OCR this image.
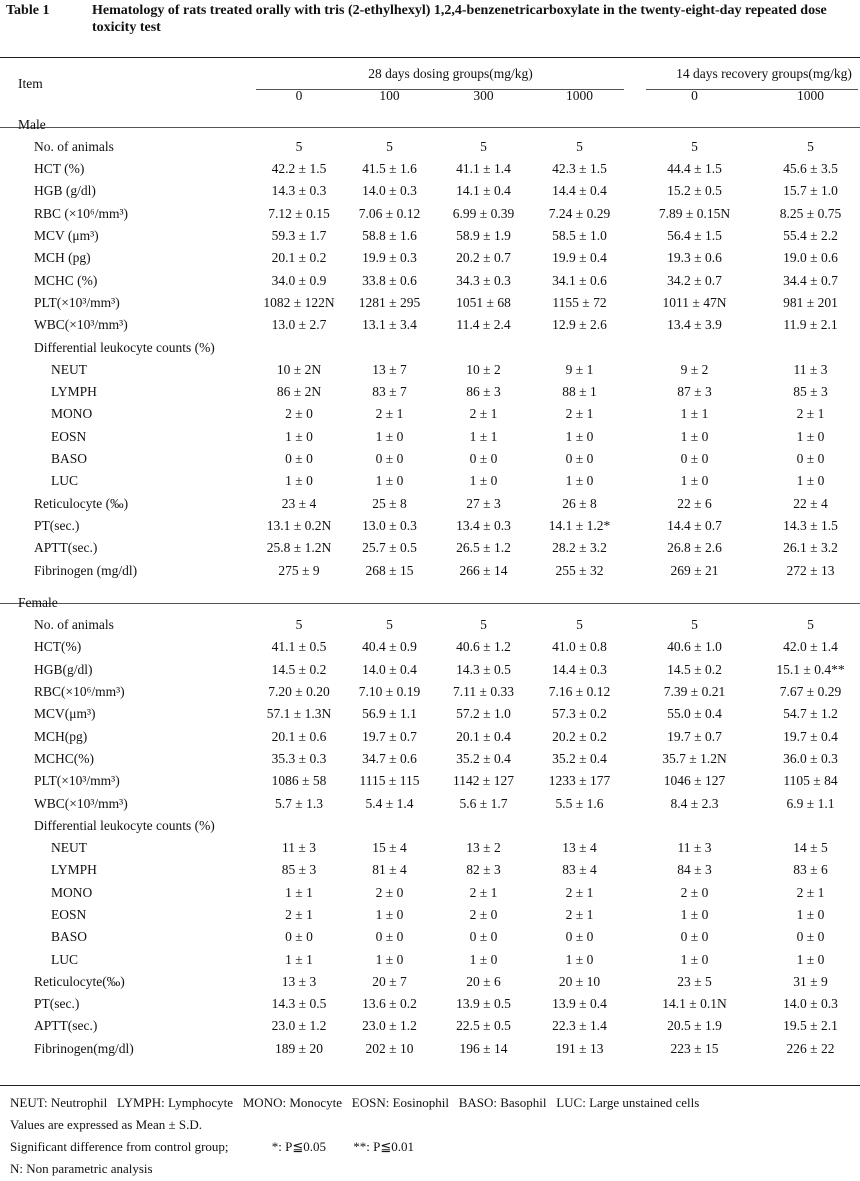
Table 1	Hematology of rats treated orally with tris (2-ethylhexyl) 1,2,4-benzenetricarboxylate in the twenty-eight-day repeated dose toxicity test
Item	28 days dosing groups(mg/kg)				14 days recovery groups(mg/kg)	
	0	100	300	1000	0	1000
Male						
No. of animals	5	5	5	5	5	5
HCT (%)	42.2 ± 1.5	41.5 ± 1.6	41.1 ± 1.4	42.3 ± 1.5	44.4 ± 1.5	45.6 ± 3.5
HGB (g/dl)	14.3 ± 0.3	14.0 ± 0.3	14.1 ± 0.4	14.4 ± 0.4	15.2 ± 0.5	15.7 ± 1.0
RBC (×10⁶/mm³)	7.12 ± 0.15	7.06 ± 0.12	6.99 ± 0.39	7.24 ± 0.29	7.89 ± 0.15N	8.25 ± 0.75
MCV (μm³)	59.3 ± 1.7	58.8 ± 1.6	58.9 ± 1.9	58.5 ± 1.0	56.4 ± 1.5	55.4 ± 2.2
MCH (pg)	20.1 ± 0.2	19.9 ± 0.3	20.2 ± 0.7	19.9 ± 0.4	19.3 ± 0.6	19.0 ± 0.6
MCHC (%)	34.0 ± 0.9	33.8 ± 0.6	34.3 ± 0.3	34.1 ± 0.6	34.2 ± 0.7	34.4 ± 0.7
PLT(×10³/mm³)	1082 ± 122N	1281 ± 295	1051 ± 68	1155 ± 72	1011 ± 47N	981 ± 201
WBC(×10³/mm³)	13.0 ± 2.7	13.1 ± 3.4	11.4 ± 2.4	12.9 ± 2.6	13.4 ± 3.9	11.9 ± 2.1
Differential leukocyte counts (%)						
NEUT	10 ± 2N	13 ± 7	10 ± 2	9 ± 1	9 ± 2	11 ± 3
LYMPH	86 ± 2N	83 ± 7	86 ± 3	88 ± 1	87 ± 3	85 ± 3
MONO	2 ± 0	2 ± 1	2 ± 1	2 ± 1	1 ± 1	2 ± 1
EOSN	1 ± 0	1 ± 0	1 ± 1	1 ± 0	1 ± 0	1 ± 0
BASO	0 ± 0	0 ± 0	0 ± 0	0 ± 0	0 ± 0	0 ± 0
LUC	1 ± 0	1 ± 0	1 ± 0	1 ± 0	1 ± 0	1 ± 0
Reticulocyte (‰)	23 ± 4	25 ± 8	27 ± 3	26 ± 8	22 ± 6	22 ± 4
PT(sec.)	13.1 ± 0.2N	13.0 ± 0.3	13.4 ± 0.3	14.1 ± 1.2*	14.4 ± 0.7	14.3 ± 1.5
APTT(sec.)	25.8 ± 1.2N	25.7 ± 0.5	26.5 ± 1.2	28.2 ± 3.2	26.8 ± 2.6	26.1 ± 3.2
Fibrinogen (mg/dl)	275 ± 9	268 ± 15	266 ± 14	255 ± 32	269 ± 21	272 ± 13
Female						
No. of animals	5	5	5	5	5	5
HCT(%)	41.1 ± 0.5	40.4 ± 0.9	40.6 ± 1.2	41.0 ± 0.8	40.6 ± 1.0	42.0 ± 1.4
HGB(g/dl)	14.5 ± 0.2	14.0 ± 0.4	14.3 ± 0.5	14.4 ± 0.3	14.5 ± 0.2	15.1 ± 0.4**
RBC(×10⁶/mm³)	7.20 ± 0.20	7.10 ± 0.19	7.11 ± 0.33	7.16 ± 0.12	7.39 ± 0.21	7.67 ± 0.29
MCV(μm³)	57.1 ± 1.3N	56.9 ± 1.1	57.2 ± 1.0	57.3 ± 0.2	55.0 ± 0.4	54.7 ± 1.2
MCH(pg)	20.1 ± 0.6	19.7 ± 0.7	20.1 ± 0.4	20.2 ± 0.2	19.7 ± 0.7	19.7 ± 0.4
MCHC(%)	35.3 ± 0.3	34.7 ± 0.6	35.2 ± 0.4	35.2 ± 0.4	35.7 ± 1.2N	36.0 ± 0.3
PLT(×10³/mm³)	1086 ± 58	1115 ± 115	1142 ± 127	1233 ± 177	1046 ± 127	1105 ± 84
WBC(×10³/mm³)	5.7 ± 1.3	5.4 ± 1.4	5.6 ± 1.7	5.5 ± 1.6	8.4 ± 2.3	6.9 ± 1.1
Differential leukocyte counts (%)						
NEUT	11 ± 3	15 ± 4	13 ± 2	13 ± 4	11 ± 3	14 ± 5
LYMPH	85 ± 3	81 ± 4	82 ± 3	83 ± 4	84 ± 3	83 ± 6
MONO	1 ± 1	2 ± 0	2 ± 1	2 ± 1	2 ± 0	2 ± 1
EOSN	2 ± 1	1 ± 0	2 ± 0	2 ± 1	1 ± 0	1 ± 0
BASO	0 ± 0	0 ± 0	0 ± 0	0 ± 0	0 ± 0	0 ± 0
LUC	1 ± 1	1 ± 0	1 ± 0	1 ± 0	1 ± 0	1 ± 0
Reticulocyte(‰)	13 ± 3	20 ± 7	20 ± 6	20 ± 10	23 ± 5	31 ± 9
PT(sec.)	14.3 ± 0.5	13.6 ± 0.2	13.9 ± 0.5	13.9 ± 0.4	14.1 ± 0.1N	14.0 ± 0.3
APTT(sec.)	23.0 ± 1.2	23.0 ± 1.2	22.5 ± 0.5	22.3 ± 1.4	20.5 ± 1.9	19.5 ± 2.1
Fibrinogen(mg/dl)	189 ± 20	202 ± 10	196 ± 14	191 ± 13	223 ± 15	226 ± 22
NEUT: Neutrophil   LYMPH: Lymphocyte   MONO: Monocyte   EOSN: Eosinophil   BASO: Basophil   LUC: Large unstained cells
Values are expressed as Mean ± S.D.
Significant difference from control group;	*: P≦0.05 **: P≦0.01
N: Non parametric analysis
